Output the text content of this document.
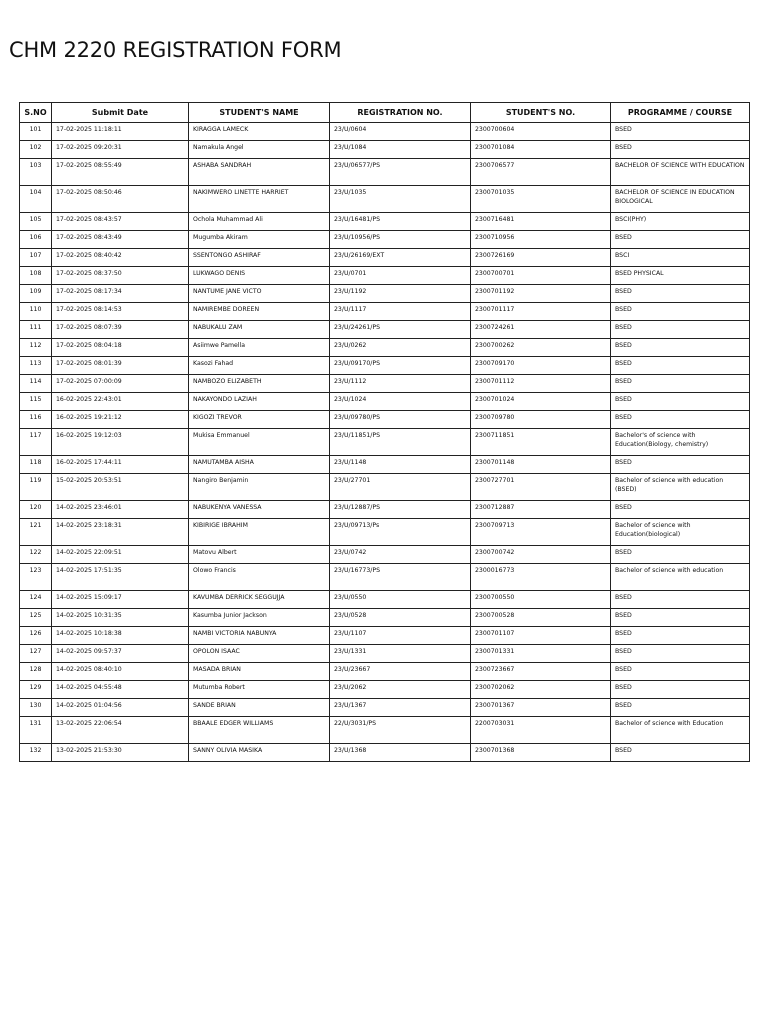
CHM 2220 REGISTRATION FORM
S.NO	Submit Date	STUDENT'S NAME	REGISTRATION NO.	STUDENT'S NO.	PROGRAMME / COURSE
101	17-02-2025 11:18:11	KIRAGGA LAMECK	23/U/0604	2300700604	BSED
102	17-02-2025 09:20:31	Namakula Angel	23/U/1084	2300701084	BSED
103	17-02-2025 08:55:49	ASHABA SANDRAH	23/U/06577/PS	2300706577	BACHELOR OF SCIENCE WITH EDUCATION
104	17-02-2025 08:50:46	NAKIMWERO LINETTE HARRIET	23/U/1035	2300701035	BACHELOR OF SCIENCE IN EDUCATION BIOLOGICAL
105	17-02-2025 08:43:57	Ochola Muhammad Ali	23/U/16481/PS	2300716481	BSCI(PHY)
106	17-02-2025 08:43:49	Mugumba Akiram	23/U/10956/PS	2300710956	BSED
107	17-02-2025 08:40:42	SSENTONGO ASHIRAF	23/U/26169/EXT	2300726169	BSCI
108	17-02-2025 08:37:50	LUKWAGO DENIS	23/U/0701	2300700701	BSED PHYSICAL
109	17-02-2025 08:17:34	NANTUME JANE VICTO	23/U/1192	2300701192	BSED
110	17-02-2025 08:14:53	NAMIREMBE DOREEN	23/U/1117	2300701117	BSED
111	17-02-2025 08:07:39	NABUKALU ZAM	23/U/24261/PS	2300724261	BSED
112	17-02-2025 08:04:18	Asiimwe Pamella	23/U/0262	2300700262	BSED
113	17-02-2025 08:01:39	Kasozi Fahad	23/U/09170/PS	2300709170	BSED
114	17-02-2025 07:00:09	NAMBOZO ELIZABETH	23/U/1112	2300701112	BSED
115	16-02-2025 22:43:01	NAKAYONDO LAZIAH	23/U/1024	2300701024	BSED
116	16-02-2025 19:21:12	KIGOZI TREVOR	23/U/09780/PS	2300709780	BSED
117	16-02-2025 19:12:03	Mukisa Emmanuel	23/U/11851/PS	2300711851	Bachelor's of science with Education(Biology, chemistry)
118	16-02-2025 17:44:11	NAMUTAMBA AISHA	23/U/1148	2300701148	BSED
119	15-02-2025 20:53:51	Nangiro Benjamin	23/U/27701	2300727701	Bachelor of science with education (BSED)
120	14-02-2025 23:46:01	NABUKENYA VANESSA	23/U/12887/PS	2300712887	BSED
121	14-02-2025 23:18:31	KIBIRIGE IBRAHIM	23/U/09713/Ps	2300709713	Bachelor of science with Education(biological)
122	14-02-2025 22:09:51	Matovu Albert	23/U/0742	2300700742	BSED
123	14-02-2025 17:51:35	Olowo Francis	23/U/16773/PS	2300016773	Bachelor of science with education
124	14-02-2025 15:09:17	KAVUMBA DERRICK SEGGUJJA	23/U/0550	2300700550	BSED
125	14-02-2025 10:31:35	Kasumba Junior Jackson	23/U/0528	2300700528	BSED
126	14-02-2025 10:18:38	NAMBI VICTORIA NABUNYA	23/U/1107	2300701107	BSED
127	14-02-2025 09:57:37	OPOLON ISAAC	23/U/1331	2300701331	BSED
128	14-02-2025 08:40:10	MASADA BRIAN	23/U/23667	2300723667	BSED
129	14-02-2025 04:55:48	Mutumba Robert	23/U/2062	2300702062	BSED
130	14-02-2025 01:04:56	SANDE BRIAN	23/U/1367	2300701367	BSED
131	13-02-2025 22:06:54	BBAALE EDGER WILLIAMS	22/U/3031/PS	2200703031	Bachelor of science with Education
132	13-02-2025 21:53:30	SANNY OLIVIA MASIKA	23/U/1368	2300701368	BSED
